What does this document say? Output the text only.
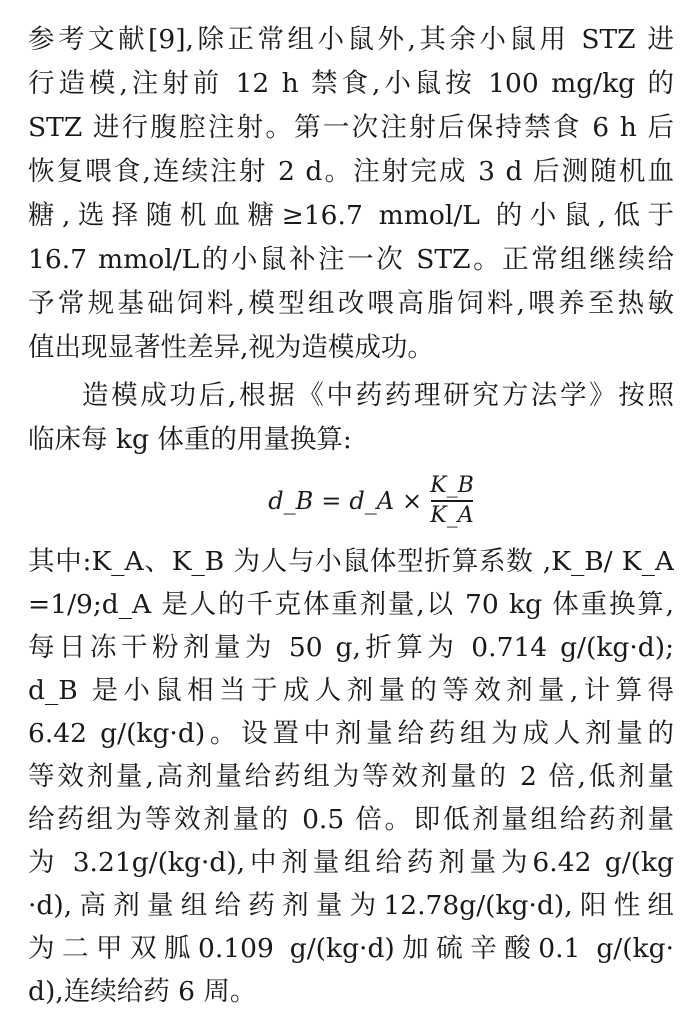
参考文献[9],除正常组小鼠外,其余小鼠用 STZ 进
行造模,注射前 12 h 禁食,小鼠按 100 mg/kg 的
STZ 进行腹腔注射。第一次注射后保持禁食 6 h 后
恢复喂食,连续注射 2 d。注射完成 3 d 后测随机血
糖,选择随机血糖≥16.7 mmol/L 的小鼠,低于
16.7 mmol/L的小鼠补注一次 STZ。正常组继续给
予常规基础饲料,模型组改喂高脂饲料,喂养至热敏
值出现显著性差异,视为造模成功。
造模成功后,根据《中药药理研究方法学》按照
临床每 kg 体重的用量换算:
d_B = d_A × $\frac{K\_B}{K\_A}$
其中:K_A、K_B 为人与小鼠体型折算系数 ,K_B/ K_A
=1/9;d_A 是人的千克体重剂量,以 70 kg 体重换算,
每日冻干粉剂量为 50 g,折算为 0.714 g/(kg·d);
d_B 是小鼠相当于成人剂量的等效剂量,计算得
6.42 g/(kg·d)。设置中剂量给药组为成人剂量的
等效剂量,高剂量给药组为等效剂量的 2 倍,低剂量
给药组为等效剂量的 0.5 倍。即低剂量组给药剂量
为 3.21g/(kg·d),中剂量组给药剂量为6.42 g/(kg
·d),高剂量组给药剂量为12.78g/(kg·d),阳性组
为二甲双胍0.109 g/(kg·d)加硫辛酸0.1 g/(kg·
d),连续给药 6 周。
